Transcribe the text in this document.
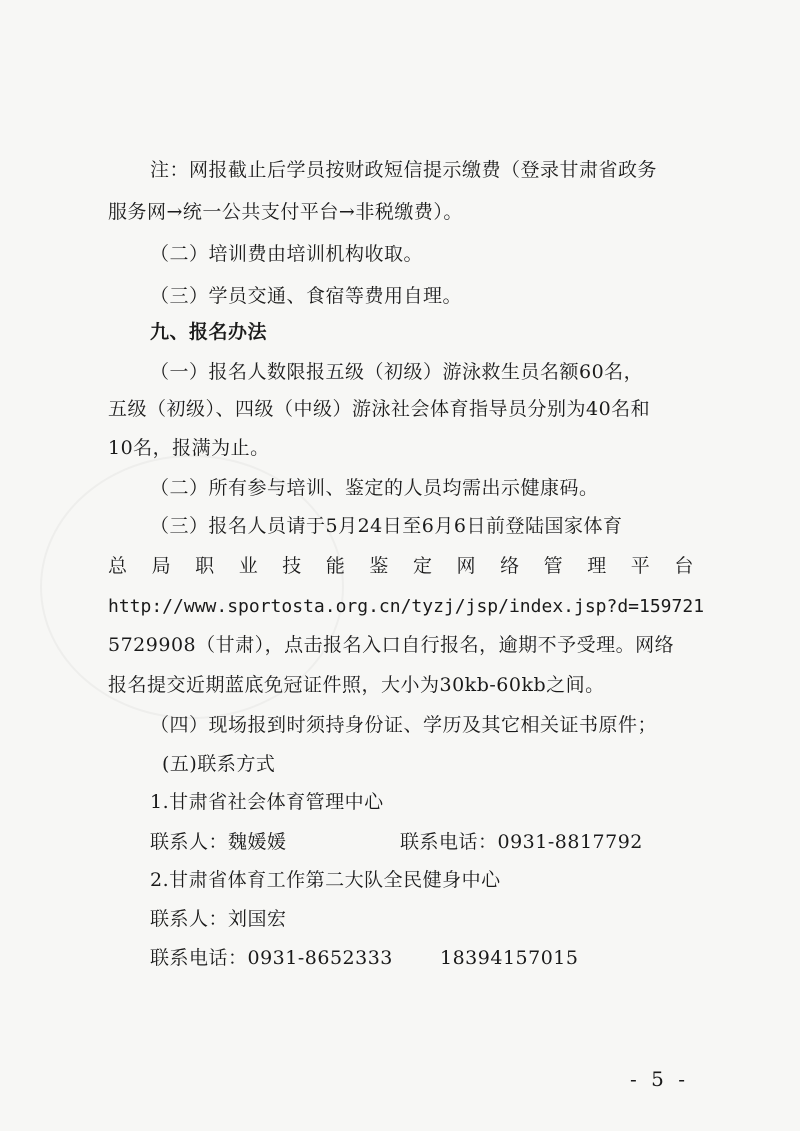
注：网报截止后学员按财政短信提示缴费（登录甘肃省政务
服务网→统一公共支付平台→非税缴费）。
（二）培训费由培训机构收取。
（三）学员交通、食宿等费用自理。
九、报名办法
（一）报名人数限报五级（初级）游泳救生员名额60名，
五级（初级）、四级（中级）游泳社会体育指导员分别为40名和
10名，报满为止。
（二）所有参与培训、鉴定的人员均需出示健康码。
（三）报名人员请于5月24日至6月6日前登陆国家体育
总 局 职 业 技 能 鉴 定 网 络 管 理 平 台
http://www.sportosta.org.cn/tyzj/jsp/index.jsp?d=159721
5729908（甘肃），点击报名入口自行报名，逾期不予受理。网络
报名提交近期蓝底免冠证件照，大小为30kb-60kb之间。
（四）现场报到时须持身份证、学历及其它相关证书原件；
(五)联系方式
1.甘肃省社会体育管理中心
联系人：魏媛媛	联系电话：0931-8817792
2.甘肃省体育工作第二大队全民健身中心
联系人：刘国宏
联系电话：0931-8652333 18394157015
- 5 -
